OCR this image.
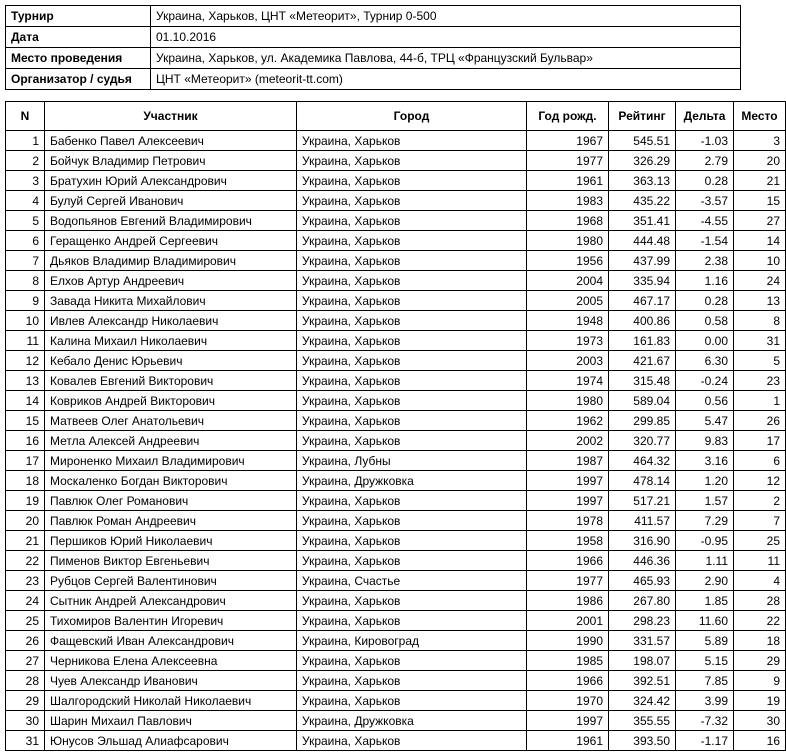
Турнир	Украина, Харьков, ЦНТ «Метеорит», Турнир 0-500
Дата	01.10.2016
Место проведения	Украина, Харьков, ул. Академика Павлова, 44-б, ТРЦ «Французский Бульвар»
Организатор / судья	ЦНТ «Метеорит» (meteorit-tt.com)
N	Участник	Город	Год рожд.	Рейтинг	Дельта	Место
1	Бабенко Павел Алексеевич	Украина, Харьков	1967	545.51	-1.03	3
2	Бойчук Владимир Петрович	Украина, Харьков	1977	326.29	2.79	20
3	Братухин Юрий Александрович	Украина, Харьков	1961	363.13	0.28	21
4	Булуй Сергей Иванович	Украина, Харьков	1983	435.22	-3.57	15
5	Водопьянов Евгений Владимирович	Украина, Харьков	1968	351.41	-4.55	27
6	Геращенко Андрей Сергеевич	Украина, Харьков	1980	444.48	-1.54	14
7	Дьяков Владимир Владимирович	Украина, Харьков	1956	437.99	2.38	10
8	Елхов Артур Андреевич	Украина, Харьков	2004	335.94	1.16	24
9	Завада Никита Михайлович	Украина, Харьков	2005	467.17	0.28	13
10	Ивлев Александр Николаевич	Украина, Харьков	1948	400.86	0.58	8
11	Калина Михаил Николаевич	Украина, Харьков	1973	161.83	0.00	31
12	Кебало Денис Юрьевич	Украина, Харьков	2003	421.67	6.30	5
13	Ковалев Евгений Викторович	Украина, Харьков	1974	315.48	-0.24	23
14	Ковриков Андрей Викторович	Украина, Харьков	1980	589.04	0.56	1
15	Матвеев Олег Анатольевич	Украина, Харьков	1962	299.85	5.47	26
16	Метла Алексей Андреевич	Украина, Харьков	2002	320.77	9.83	17
17	Мироненко Михаил Владимирович	Украина, Лубны	1987	464.32	3.16	6
18	Москаленко Богдан Викторович	Украина, Дружковка	1997	478.14	1.20	12
19	Павлюк Олег Романович	Украина, Харьков	1997	517.21	1.57	2
20	Павлюк Роман Андреевич	Украина, Харьков	1978	411.57	7.29	7
21	Першиков Юрий Николаевич	Украина, Харьков	1958	316.90	-0.95	25
22	Пименов Виктор Евгеньевич	Украина, Харьков	1966	446.36	1.11	11
23	Рубцов Сергей Валентинович	Украина, Счастье	1977	465.93	2.90	4
24	Сытник Андрей Александрович	Украина, Харьков	1986	267.80	1.85	28
25	Тихомиров Валентин Игоревич	Украина, Харьков	2001	298.23	11.60	22
26	Фащевский Иван Александрович	Украина, Кировоград	1990	331.57	5.89	18
27	Черникова Елена Алексеевна	Украина, Харьков	1985	198.07	5.15	29
28	Чуев Александр Иванович	Украина, Харьков	1966	392.51	7.85	9
29	Шалгородский Николай Николаевич	Украина, Харьков	1970	324.42	3.99	19
30	Шарин Михаил Павлович	Украина, Дружковка	1997	355.55	-7.32	30
31	Юнусов Эльшад Алиафсарович	Украина, Харьков	1961	393.50	-1.17	16
